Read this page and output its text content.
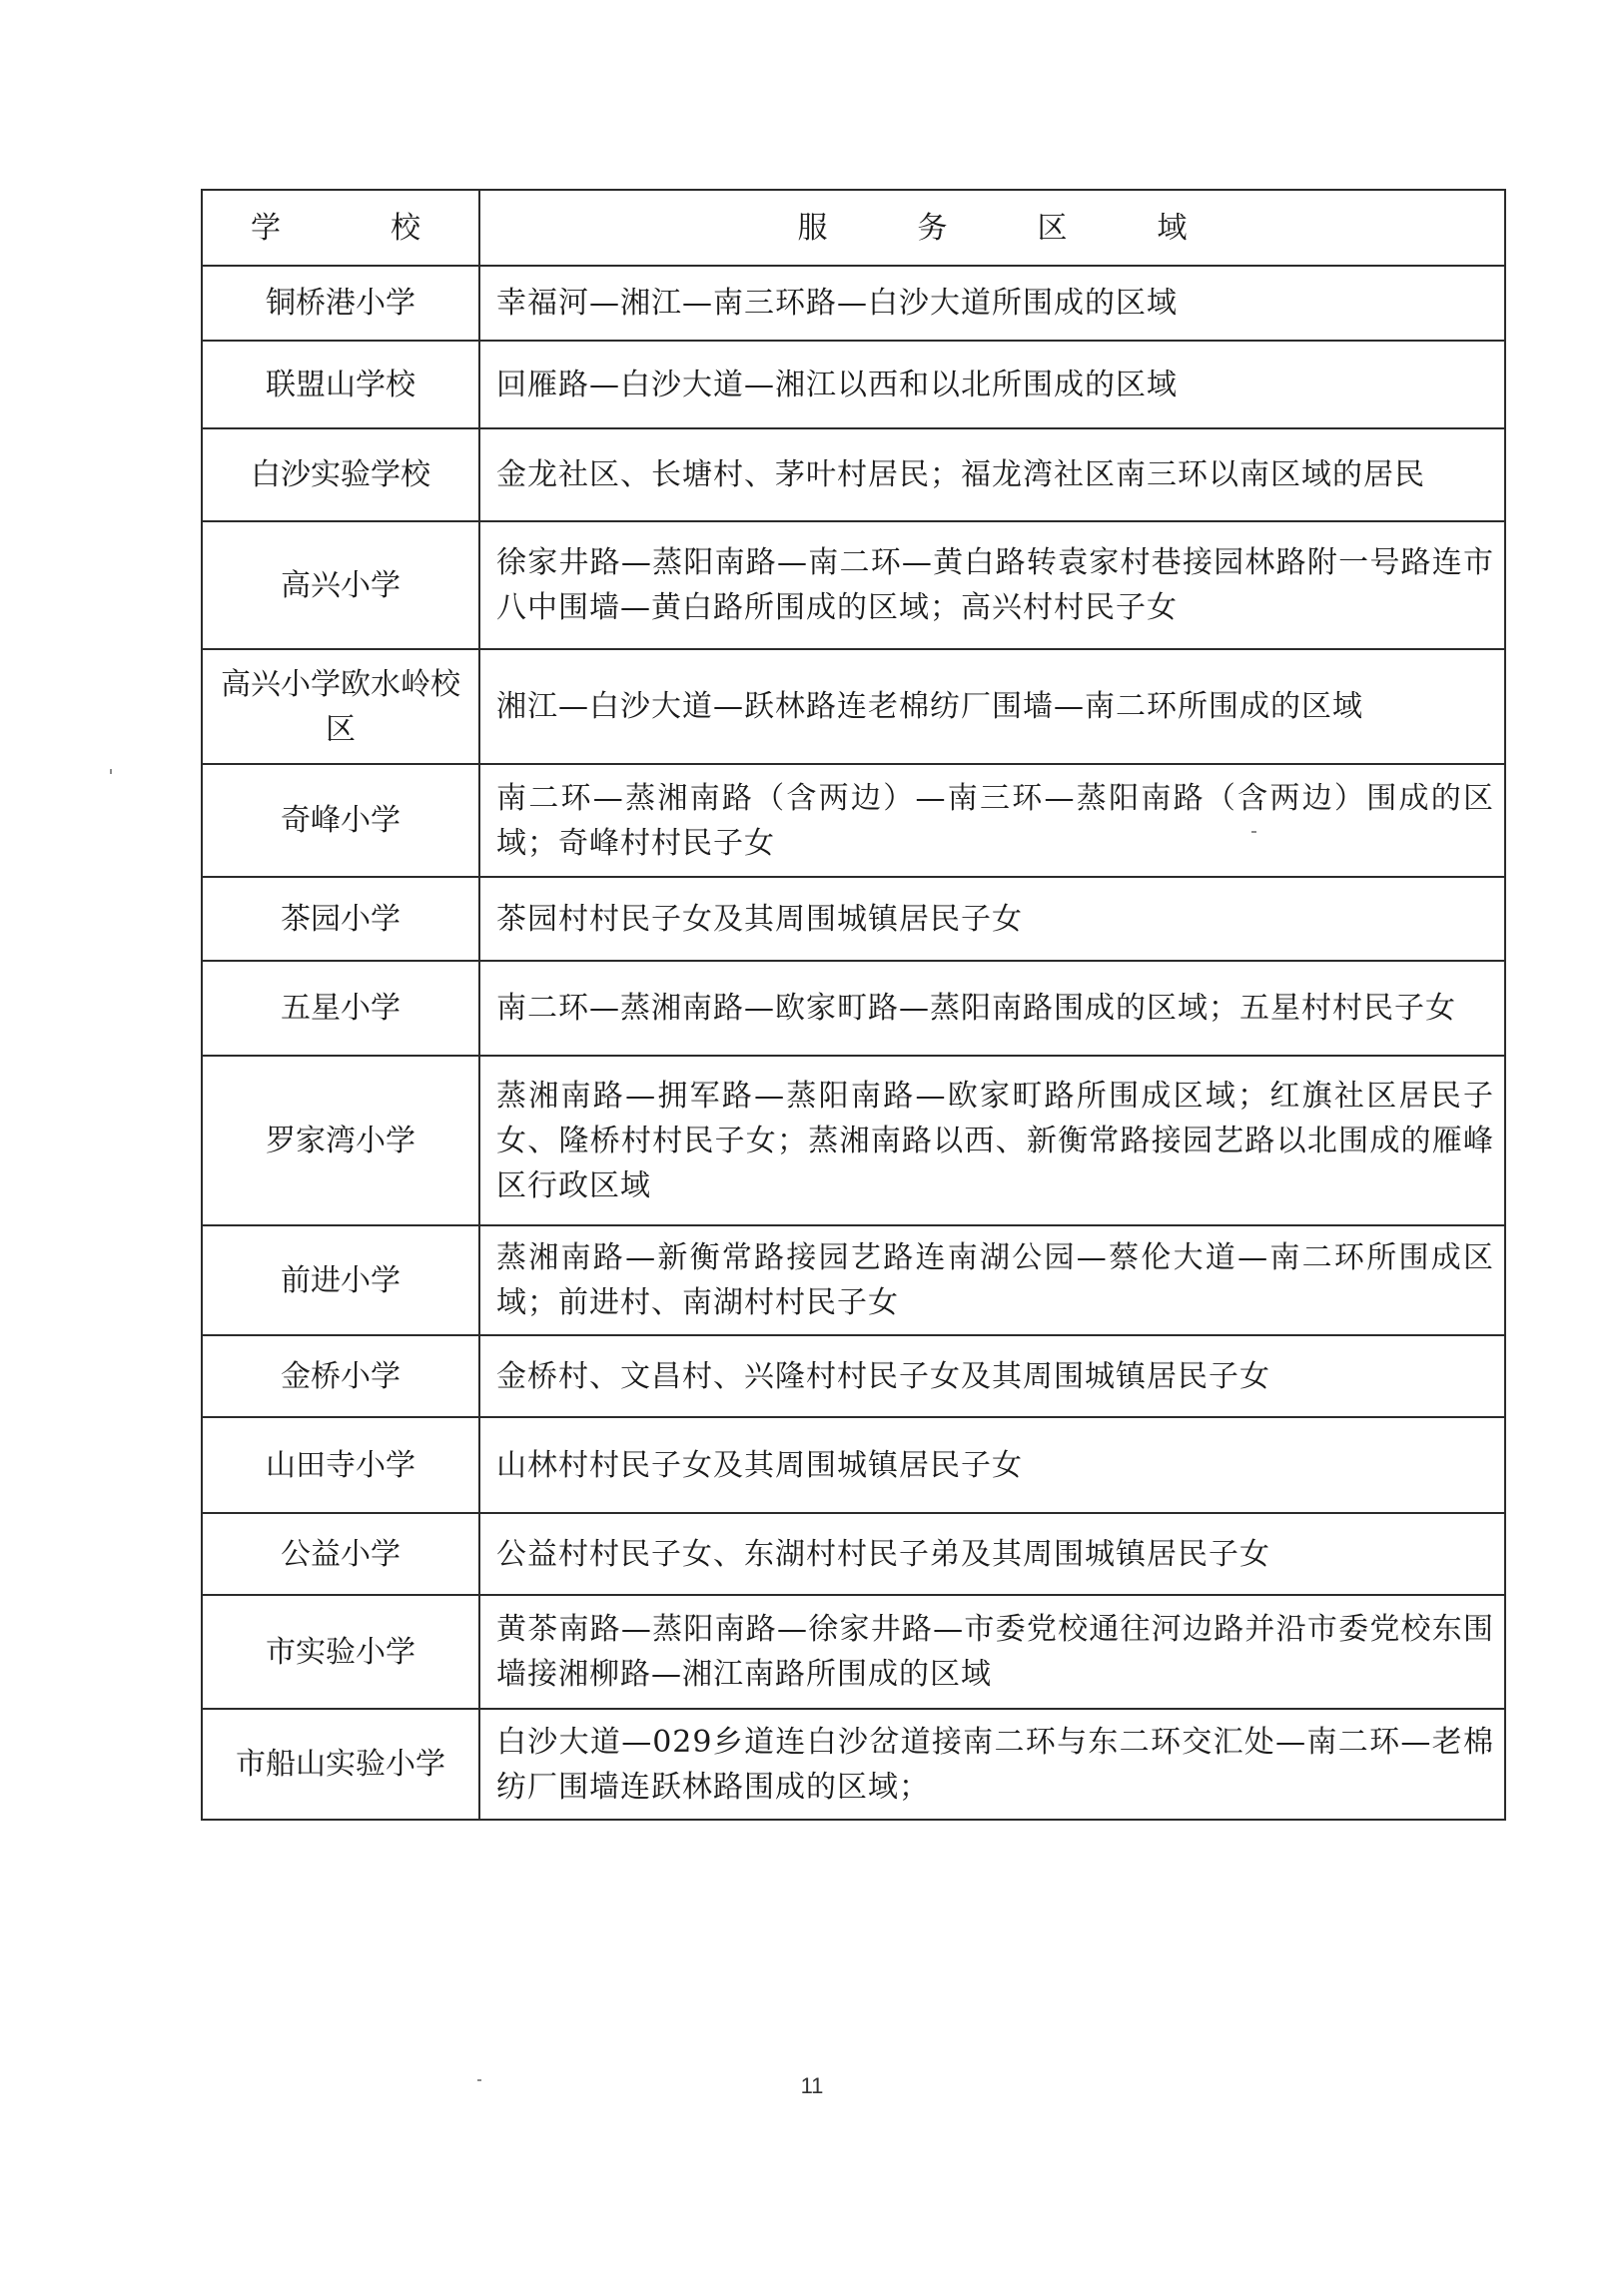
学　校	服　务　区　域
铜桥港小学	幸福河—湘江—南三环路—白沙大道所围成的区域
联盟山学校	回雁路—白沙大道—湘江以西和以北所围成的区域
白沙实验学校	金龙社区、长塘村、茅叶村居民；福龙湾社区南三环以南区域的居民
高兴小学	徐家井路—蒸阳南路—南二环—黄白路转袁家村巷接园林路附一号路连市八中围墙—黄白路所围成的区域；高兴村村民子女
高兴小学欧水岭校区	湘江—白沙大道—跃林路连老棉纺厂围墙—南二环所围成的区域
奇峰小学	南二环—蒸湘南路（含两边）—南三环—蒸阳南路（含两边）围成的区域；奇峰村村民子女
茶园小学	茶园村村民子女及其周围城镇居民子女
五星小学	南二环—蒸湘南路—欧家町路—蒸阳南路围成的区域；五星村村民子女
罗家湾小学	蒸湘南路—拥军路—蒸阳南路—欧家町路所围成区域；红旗社区居民子女、隆桥村村民子女；蒸湘南路以西、新衡常路接园艺路以北围成的雁峰区行政区域
前进小学	蒸湘南路—新衡常路接园艺路连南湖公园—蔡伦大道—南二环所围成区域；前进村、南湖村村民子女
金桥小学	金桥村、文昌村、兴隆村村民子女及其周围城镇居民子女
山田寺小学	山林村村民子女及其周围城镇居民子女
公益小学	公益村村民子女、东湖村村民子弟及其周围城镇居民子女
市实验小学	黄茶南路—蒸阳南路—徐家井路—市委党校通往河边路并沿市委党校东围墙接湘柳路—湘江南路所围成的区域
市船山实验小学	白沙大道—029乡道连白沙岔道接南二环与东二环交汇处—南二环—老棉纺厂围墙连跃林路围成的区域；
11
